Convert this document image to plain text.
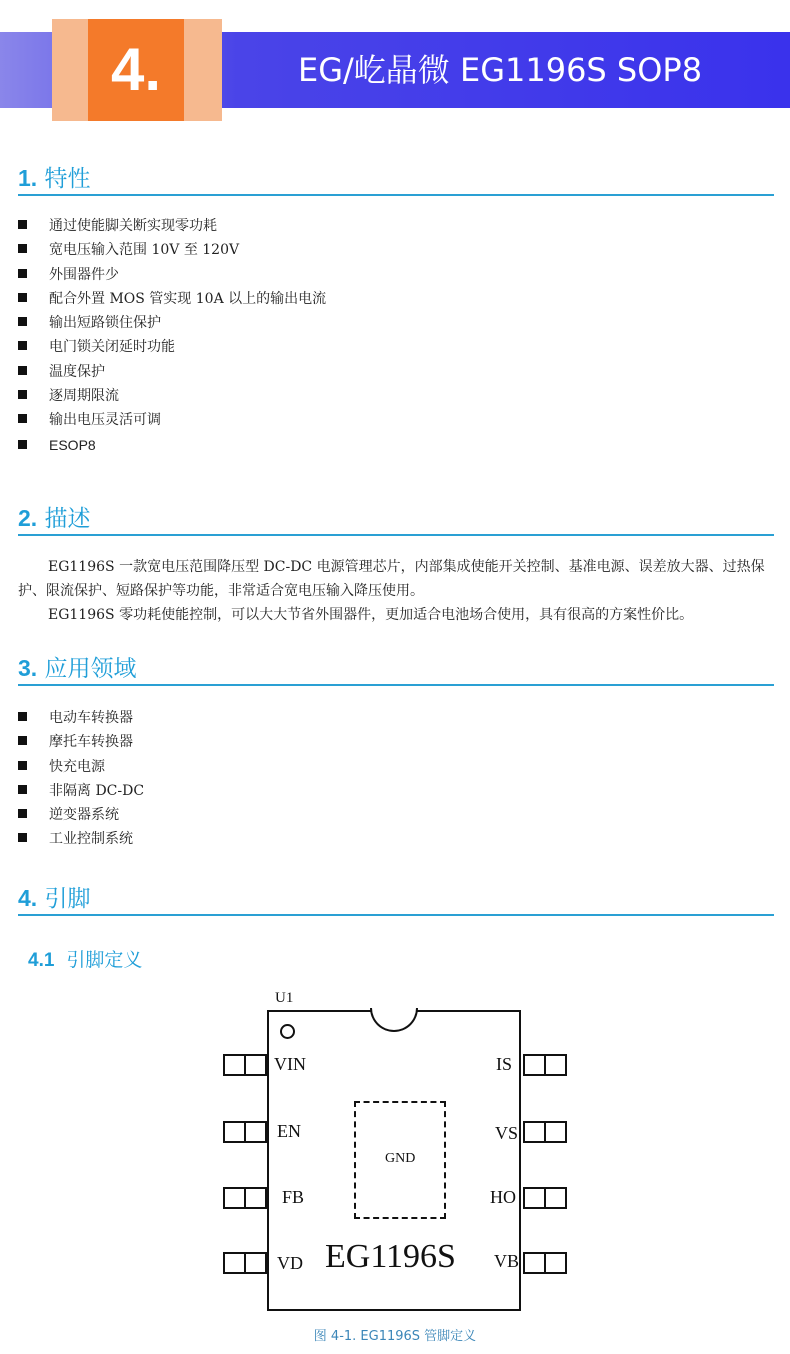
4.	EG/屹晶微 EG1196S SOP8
1. 特性
通过使能脚关断实现零功耗
宽电压输入范围 10V 至 120V
外围器件少
配合外置 MOS 管实现 10A 以上的输出电流
输出短路锁住保护
电门锁关闭延时功能
温度保护
逐周期限流
输出电压灵活可调
ESOP8
2. 描述

EG1196S 一款宽电压范围降压型 DC-DC 电源管理芯片，内部集成使能开关控制、基准电源、误差放大器、过热保护、限流保护、短路保护等功能，非常适合宽电压输入降压使用。

EG1196S 零功耗使能控制，可以大大节省外围器件，更加适合电池场合使用，具有很高的方案性价比。

3. 应用领域
电动车转换器
摩托车转换器
快充电源
非隔离 DC-DC
逆变器系统
工业控制系统
4. 引脚
4.1 引脚定义
U1
VIN
EN
FB
VD
IS
VS
HO
VB
GND
EG1196S
图 4-1. EG1196S 管脚定义
